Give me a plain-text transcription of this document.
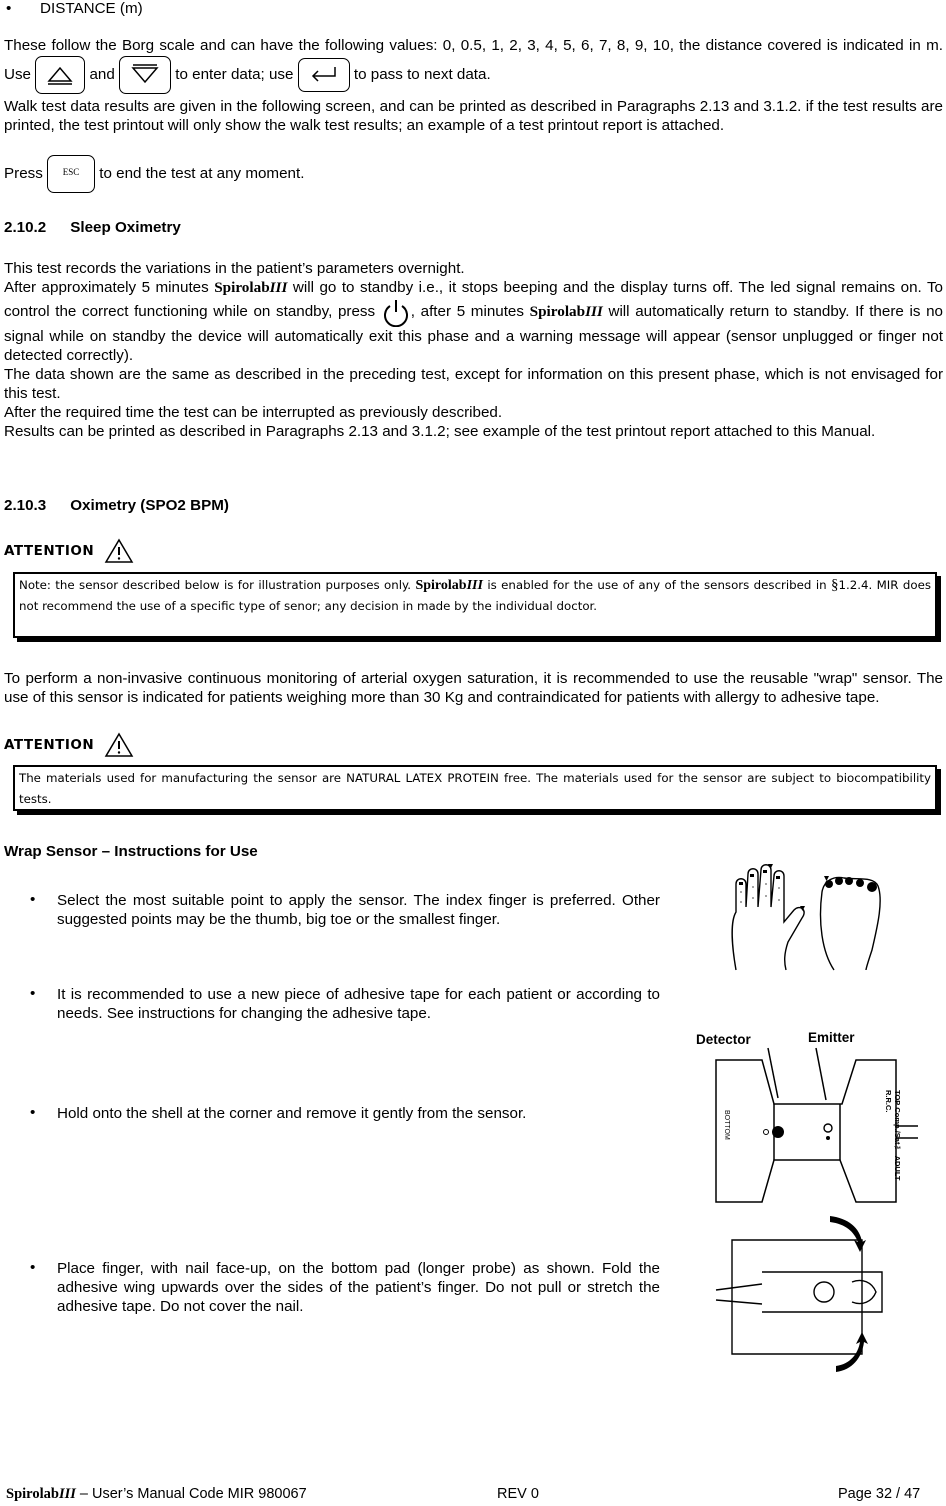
• DISTANCE (m)

These follow the Borg scale and can have the following values: 0, 0.5, 1, 2, 3, 4, 5, 6, 7, 8, 9, 10, the distance covered is indicated in m. Use	and	to enter data; use	to pass to next data.

Walk test data results are given in the following screen, and can be printed as described in Paragraphs 2.13 and 3.1.2. if the test results are printed, the test printout will only show the walk test results; an example of a test printout report is attached.

Press	ESC	to end the test at any moment.
2.10.2 Sleep Oximetry

This test records the variations in the patient’s parameters overnight.

After approximately 5 minutes SpirolabIII will go to standby i.e., it stops beeping and the display turns off. The led signal remains on. To control the correct functioning while on standby, press
, after 5 minutes SpirolabIII will automatically return to standby. If there is no signal while on standby the device will automatically exit this phase and a warning message will appear (sensor unplugged or finger not detected correctly).

The data shown are the same as described in the preceding test, except for information on this present phase, which is not envisaged for this test.

After the required time the test can be interrupted as previously described.

Results can be printed as described in Paragraphs 2.13 and 3.1.2; see example of the test printout report attached to this Manual.

2.10.3 Oximetry (SPO2 BPM)
ATTENTION
Note: the sensor described below is for illustration purposes only. SpirolabIII is enabled for the use of any of the sensors described in §1.2.4. MIR does not recommend the use of a specific type of senor; any decision in made by the individual doctor.

To perform a non-invasive continuous monitoring of arterial oxygen saturation, it is recommended to use the reusable "wrap" sensor. The use of this sensor is indicated for patients weighing more than 30 Kg and contraindicated for patients with allergy to adhesive tape.

ATTENTION
The materials used for manufacturing the sensor are NATURAL LATEX PROTEIN free. The materials used for the sensor are subject to biocompatibility tests.
Wrap Sensor – Instructions for Use
• Select the most suitable point to apply the sensor. The index finger is preferred. Other suggested points may be the thumb, big toe or the smallest finger.

• It is recommended to use a new piece of adhesive tape for each patient or according to needs. See instructions for changing the adhesive tape.

• Hold onto the shell at the corner and remove it gently from the sensor.

• Place finger, with nail face-up, on the bottom pad (longer probe) as shown. Fold the adhesive wing upwards over the sides of the patient’s finger. Do not pull or stretch the adhesive tape. Do not cover the nail.

Detector	Emitter
BOTTOM
TOP Comp./Sat™ ADULT R.R.C.
SpirolabIII – User’s Manual Code MIR 980067	REV 0	Page 32 / 47
